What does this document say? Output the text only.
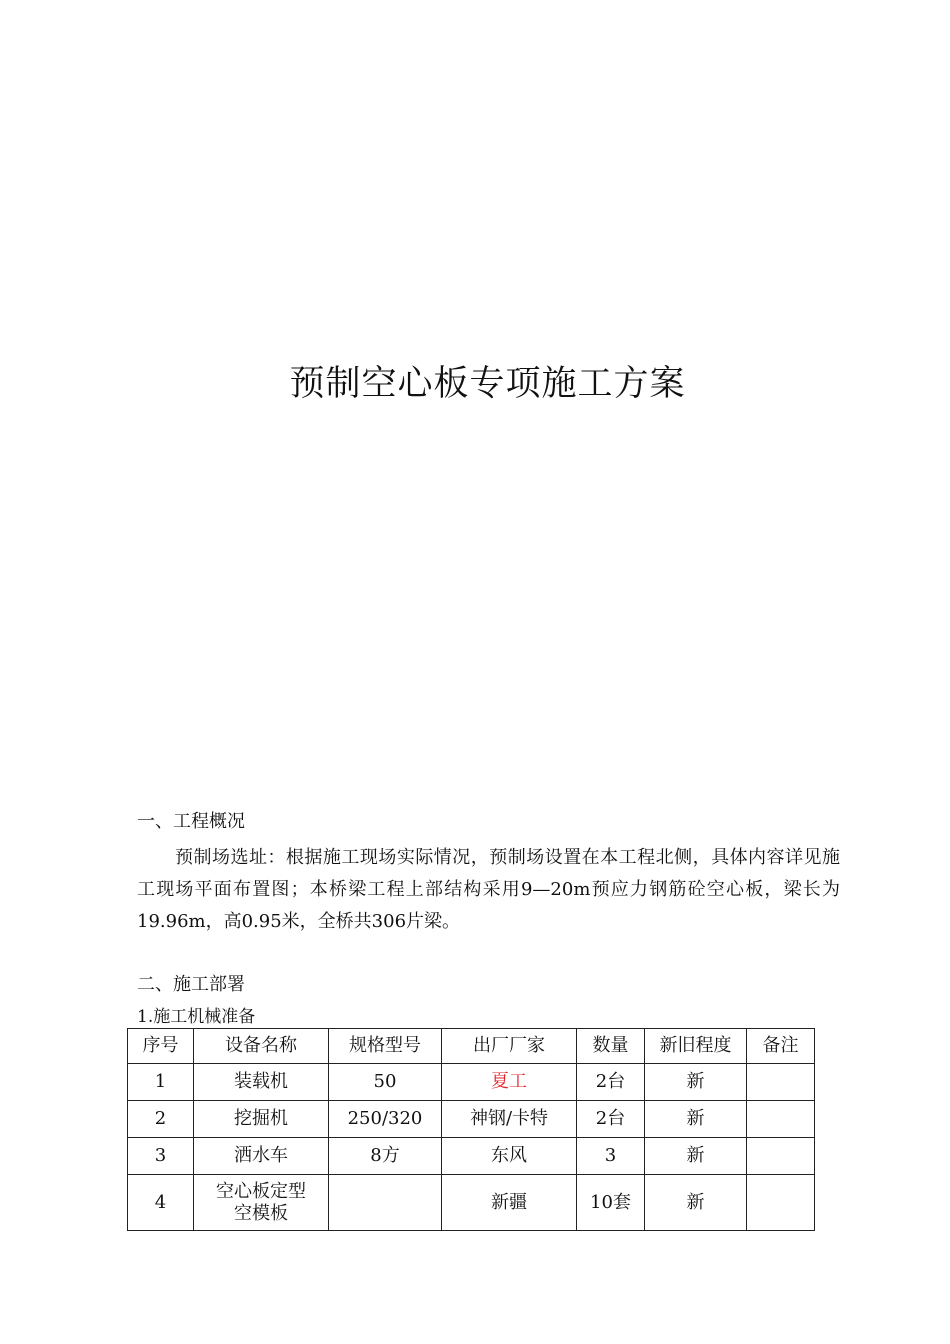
预制空心板专项施工方案
一、工程概况
预制场选址：根据施工现场实际情况，预制场设置在本工程北侧，具体内容详见施工现场平面布置图；本桥梁工程上部结构采用9—20m预应力钢筋砼空心板，梁长为19.96m，高0.95米，全桥共306片梁。
二、施工部署
1.施工机械准备
序号	设备名称	规格型号	出厂厂家	数量	新旧程度	备注
1	装载机	50	夏工	2台	新	
2	挖掘机	250/320	神钢/卡特	2台	新	
3	洒水车	8方	东风	3	新	
4	空心板定型
空模板		新疆	10套	新	
